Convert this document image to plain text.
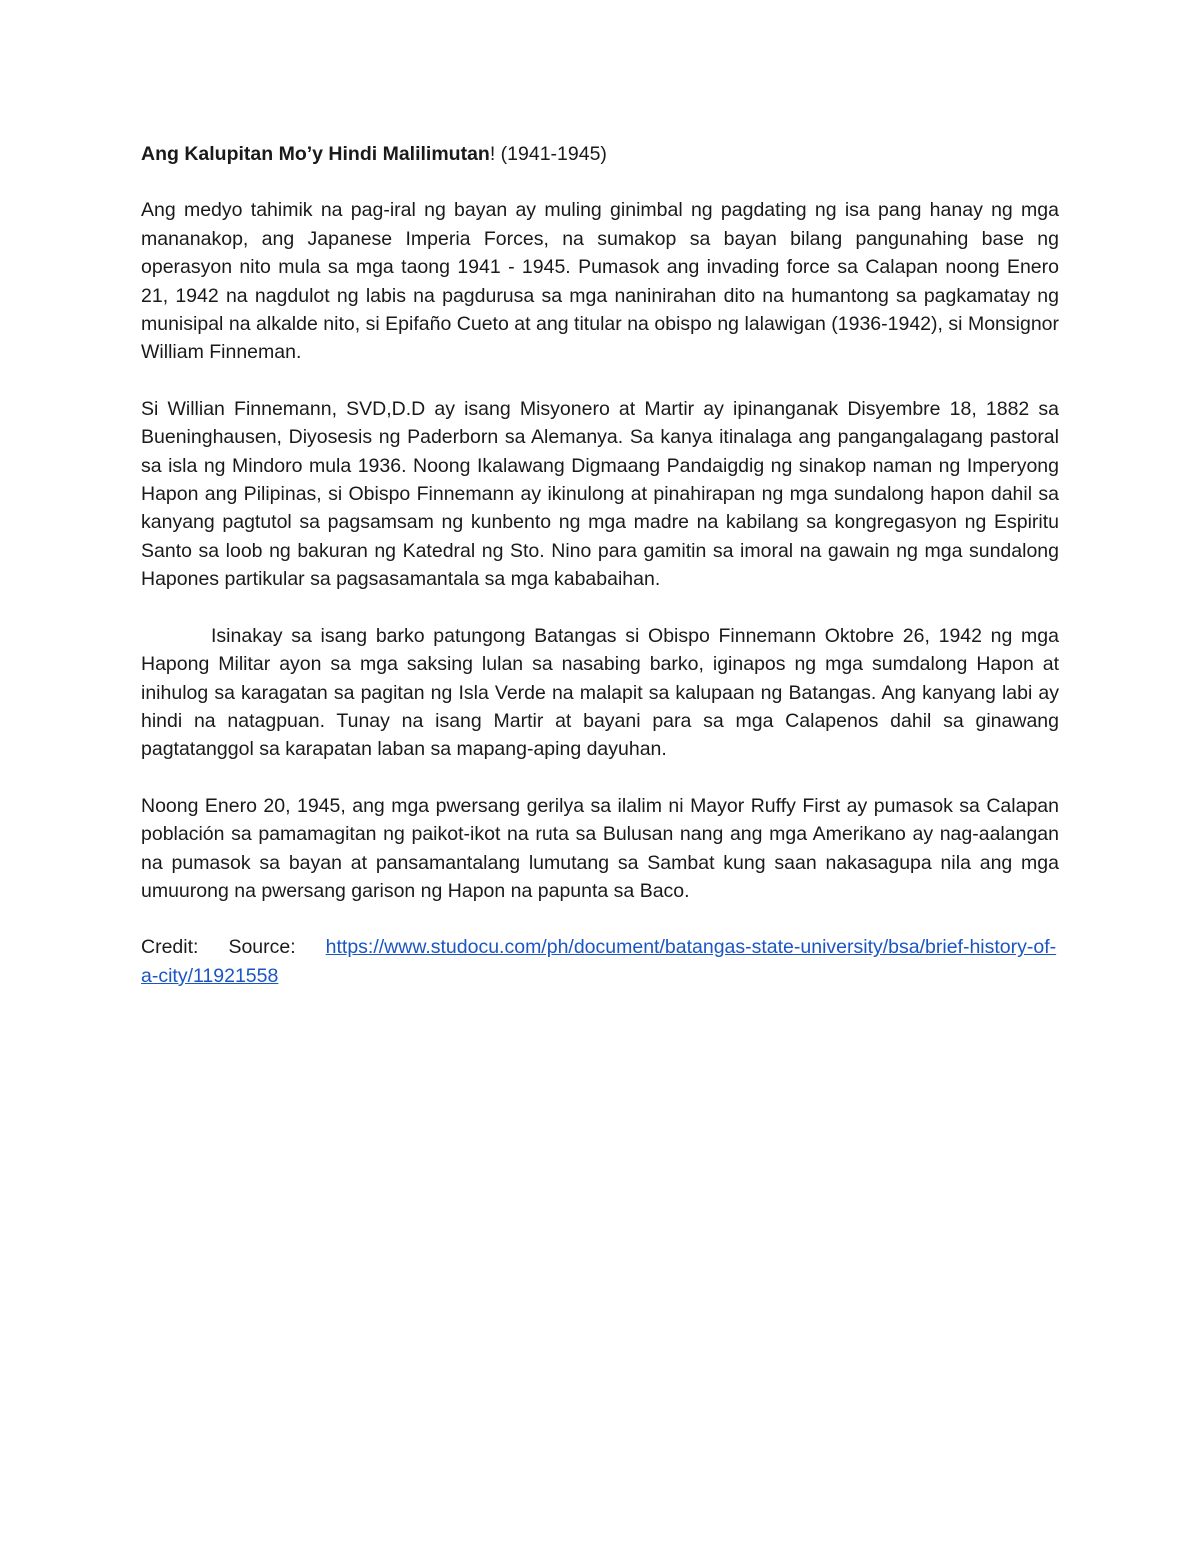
Ang Kalupitan Mo’y Hindi Malilimutan! (1941-1945)

Ang medyo tahimik na pag-iral ng bayan ay muling ginimbal ng pagdating ng isa pang hanay ng mga mananakop, ang Japanese Imperia Forces, na sumakop sa bayan bilang pangunahing base ng operasyon nito mula sa mga taong 1941 - 1945. Pumasok ang invading force sa Calapan noong Enero 21, 1942 na nagdulot ng labis na pagdurusa sa mga naninirahan dito na humantong sa pagkamatay ng munisipal na alkalde nito, si Epifaño Cueto at ang titular na obispo ng lalawigan (1936-1942), si Monsignor William Finneman.

Si Willian Finnemann, SVD,D.D ay isang Misyonero at Martir ay ipinanganak Disyembre 18, 1882 sa Bueninghausen, Diyosesis ng Paderborn sa Alemanya. Sa kanya itinalaga ang pangangalagang pastoral sa isla ng Mindoro mula 1936. Noong Ikalawang Digmaang Pandaigdig ng sinakop naman ng Imperyong Hapon ang Pilipinas, si Obispo Finnemann ay ikinulong at pinahirapan ng mga sundalong hapon dahil sa kanyang pagtutol sa pagsamsam ng kunbento ng mga madre na kabilang sa kongregasyon ng Espiritu Santo sa loob ng bakuran ng Katedral ng Sto. Nino para gamitin sa imoral na gawain ng mga sundalong Hapones partikular sa pagsasamantala sa mga kababaihan.

Isinakay sa isang barko patungong Batangas si Obispo Finnemann Oktobre 26, 1942 ng mga Hapong Militar ayon sa mga saksing lulan sa nasabing barko, iginapos ng mga sumdalong Hapon at inihulog sa karagatan sa pagitan ng Isla Verde na malapit sa kalupaan ng Batangas. Ang kanyang labi ay hindi na natagpuan. Tunay na isang Martir at bayani para sa mga Calapenos dahil sa ginawang pagtatanggol sa karapatan laban sa mapang-aping dayuhan.

Noong Enero 20, 1945, ang mga pwersang gerilya sa ilalim ni Mayor Ruffy First ay pumasok sa Calapan población sa pamamagitan ng paikot-ikot na ruta sa Bulusan nang ang mga Amerikano ay nag-aalangan na pumasok sa bayan at pansamantalang lumutang sa Sambat kung saan nakasagupa nila ang mga umuurong na pwersang garison ng Hapon na papunta sa Baco.

Credit: Source: https://www.studocu.com/ph/document/batangas-state-university/bsa/brief-history-of-a-city/11921558
